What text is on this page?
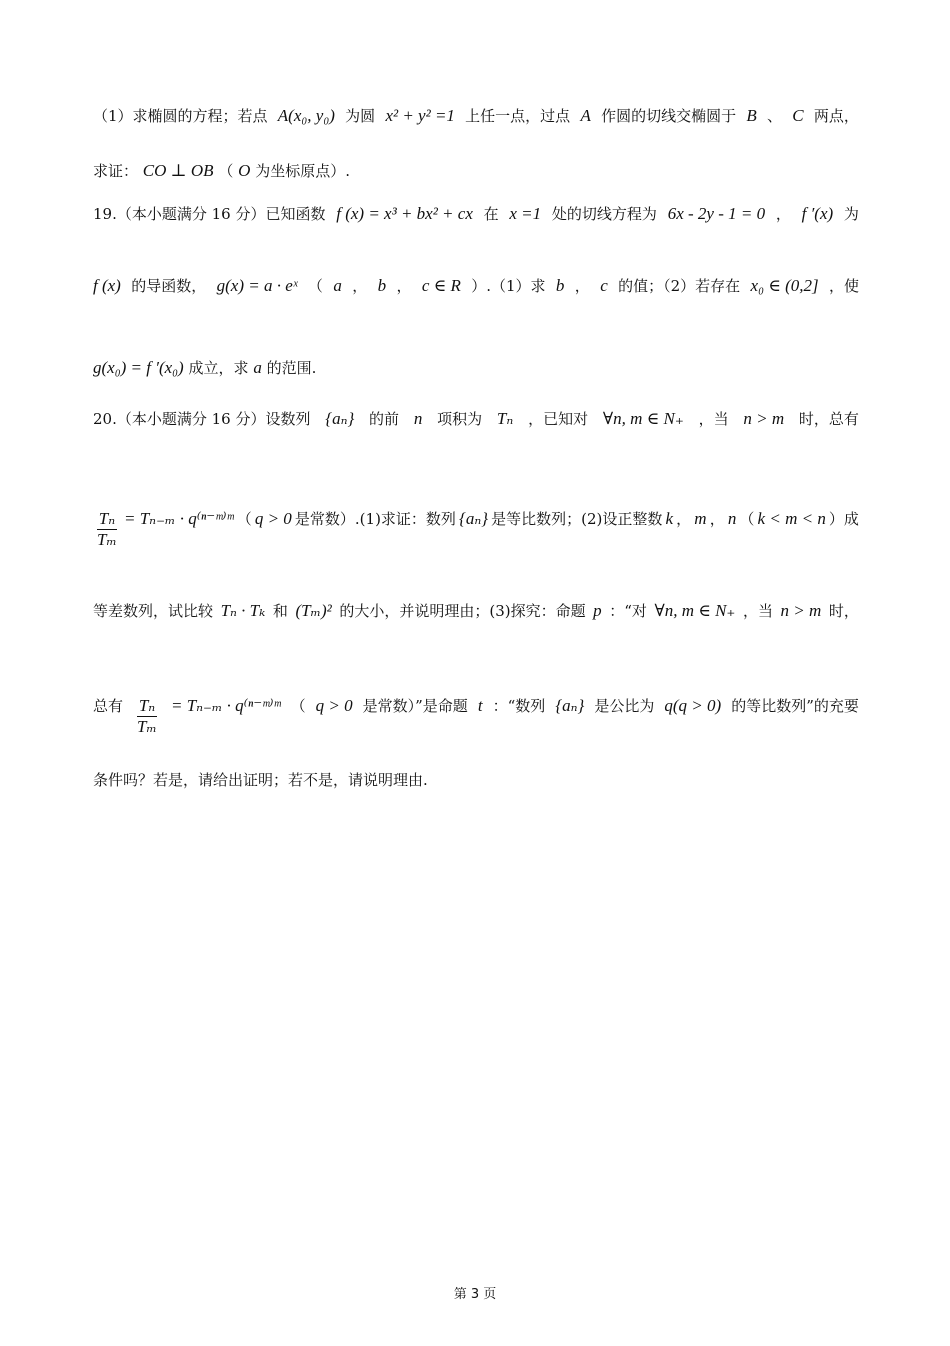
（1）求椭圆的方程；若点 A(x₀, y₀) 为圆 x² + y² =1 上任一点，过点 A 作圆的切线交椭圆于 B 、 C 两点，
求证： CO ⊥ OB （ O 为坐标原点）.
19.（本小题满分 16 分）已知函数 f (x) = x³ + bx² + cx 在 x =1 处的切线方程为 6x - 2y - 1 = 0 ， f ′(x) 为
f (x) 的导函数， g(x) = a · eˣ （ a ， b ， c ∈ R ）.（1）求 b ， c 的值；（2）若存在 x₀ ∈ (0,2] ，使
g(x₀) = f ′(x₀) 成立，求 a 的范围.
20.（本小题满分 16 分）设数列 {aₙ} 的前 n 项积为 Tₙ ，已知对 ∀n, m ∈ N₊ ，当 n > m 时，总有
$\frac{\text{Tₙ}}{\text{Tₘ}} = T_{n-m}$ · q⁽ⁿ⁻ᵐ⁾ᵐ （ q > 0 是常数）.(1)求证：数列 {aₙ} 是等比数列；(2)设正整数 k ， m ， n （ k < m < n ）成
等差数列，试比较 Tₙ · Tₖ 和 (Tₘ)² 的大小，并说明理由；(3)探究：命题 p ：“对 ∀n, m ∈ N₊ ，当 n > m 时，
总有 $\frac{\text{Tₙ}}{\text{Tₘ}} = T_{n-m}$ · q⁽ⁿ⁻ᵐ⁾ᵐ （ q > 0 是常数）”是命题 t ：“数列 {aₙ} 是公比为 q(q > 0) 的等比数列”的充要
条件吗？若是，请给出证明；若不是，请说明理由.
第 3 页
